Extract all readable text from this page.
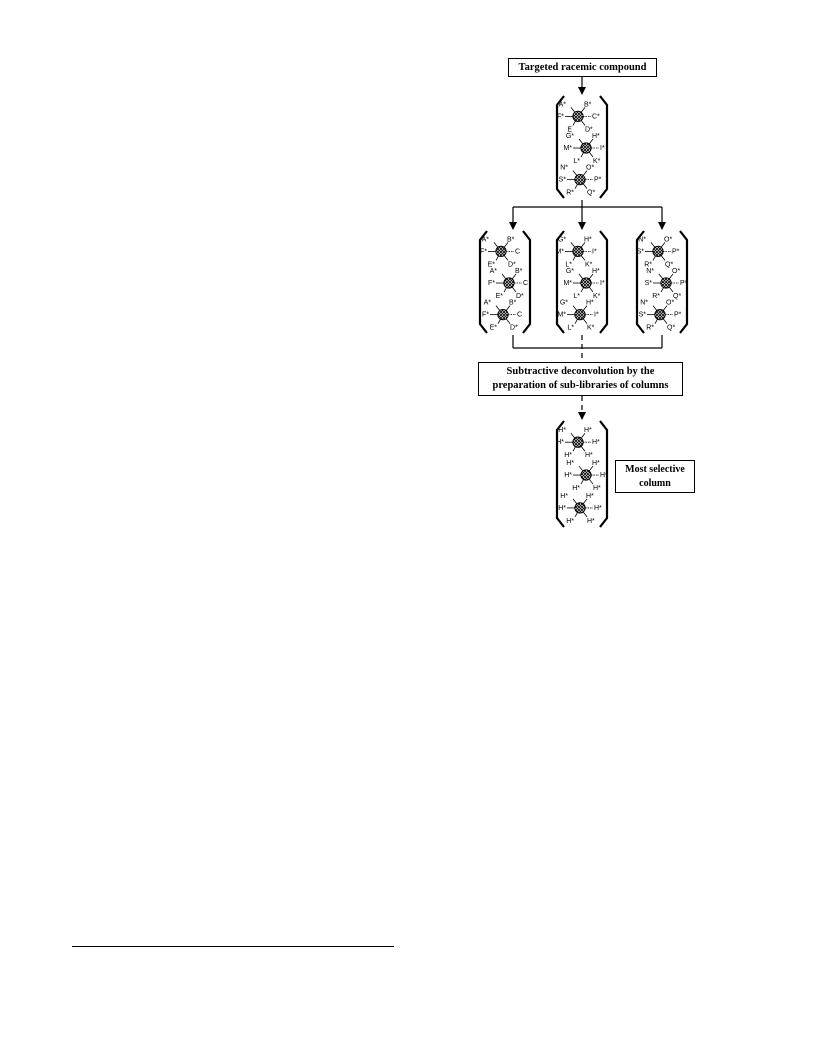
A*	B*
F*	C*
E D*
G*	H*
M*	I*
L* K*
N*	O*
S*	P*
R* Q*
A*	B*
F*	C
E* D*
A*	B*
F*	C
E* D*
A*	B*
F*	C
E* D*
G*	H*
M*	I*
L* K*
G*	H*
M*	I*
L* K*
G*	H*
M*	I*
L* K*
N*	O*
S*	P*
R* Q*
N*	O*
S*	P*
R* Q*
N*	O*
S*	P*
R* Q*
H*	H*
H*	H*
H* H*
H*	H*
H*	H*
H* H*
H*	H*
H*	H*
H* H*
Targeted racemic compound
Subtractive deconvolution by the
preparation of sub-libraries of columns
Most selective
column
